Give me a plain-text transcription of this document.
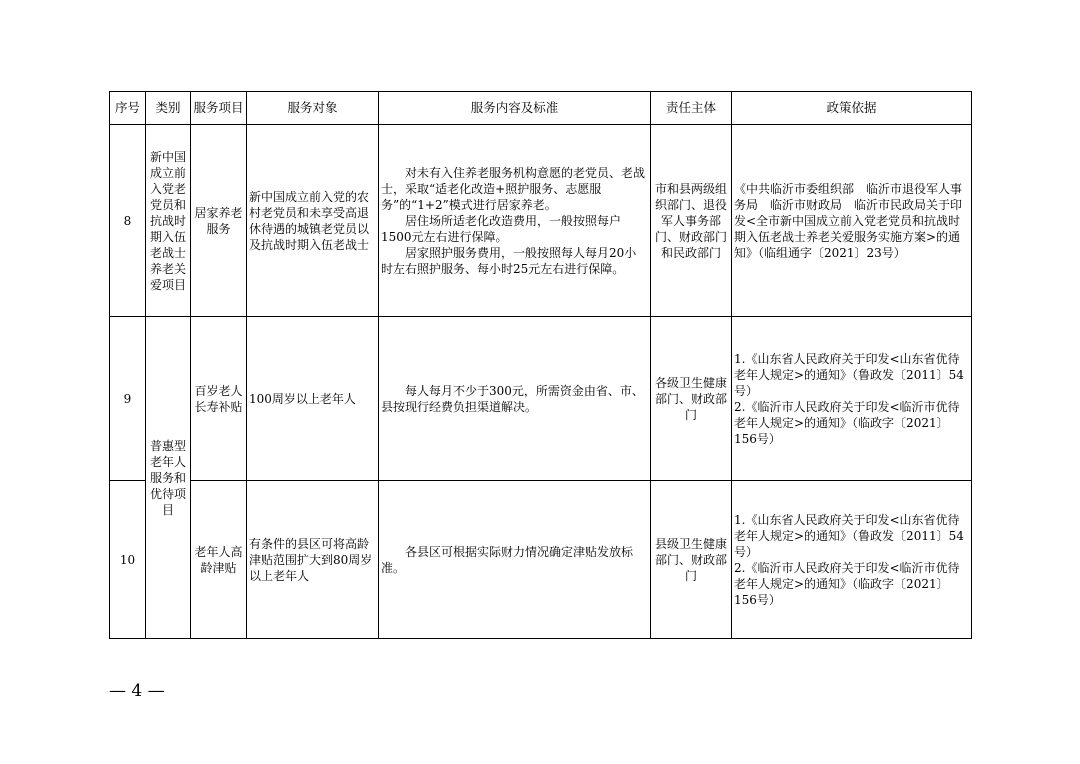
序号	类别	服务项目	服务对象	服务内容及标准	责任主体	政策依据
8	新中国成立前入党老党员和抗战时期入伍老战士养老关爱项目	居家养老服务	新中国成立前入党的农村老党员和未享受高退休待遇的城镇老党员以及抗战时期入伍老战士	对未有入住养老服务机构意愿的老党员、老战士，采取“适老化改造+照护服务、志愿服务”的“1+2”模式进行居家养老。

居住场所适老化改造费用，一般按照每户1500元左右进行保障。

居家照护服务费用，一般按照每人每月20小时左右照护服务、每小时25元左右进行保障。	市和县两级组织部门、退役军人事务部门、财政部门和民政部门	《中共临沂市委组织部　临沂市退役军人事务局　临沂市财政局　临沂市民政局关于印发<全市新中国成立前入党老党员和抗战时期入伍老战士养老关爱服务实施方案>的通知》（临组通字〔2021〕23号）
9	普惠型老年人服务和优待项目	百岁老人长寿补贴	100周岁以上老年人	每人每月不少于300元，所需资金由省、市、县按现行经费负担渠道解决。	各级卫生健康部门、财政部门	1.《山东省人民政府关于印发<山东省优待老年人规定>的通知》（鲁政发〔2011〕54号）

2.《临沂市人民政府关于印发<临沂市优待老年人规定>的通知》（临政字〔2021〕156号）

10		老年人高龄津贴	有条件的县区可将高龄津贴范围扩大到80周岁以上老年人	各县区可根据实际财力情况确定津贴发放标准。	县级卫生健康部门、财政部门	1.《山东省人民政府关于印发<山东省优待老年人规定>的通知》（鲁政发〔2011〕54号）

2.《临沂市人民政府关于印发<临沂市优待老年人规定>的通知》（临政字〔2021〕156号）

— 4 —
